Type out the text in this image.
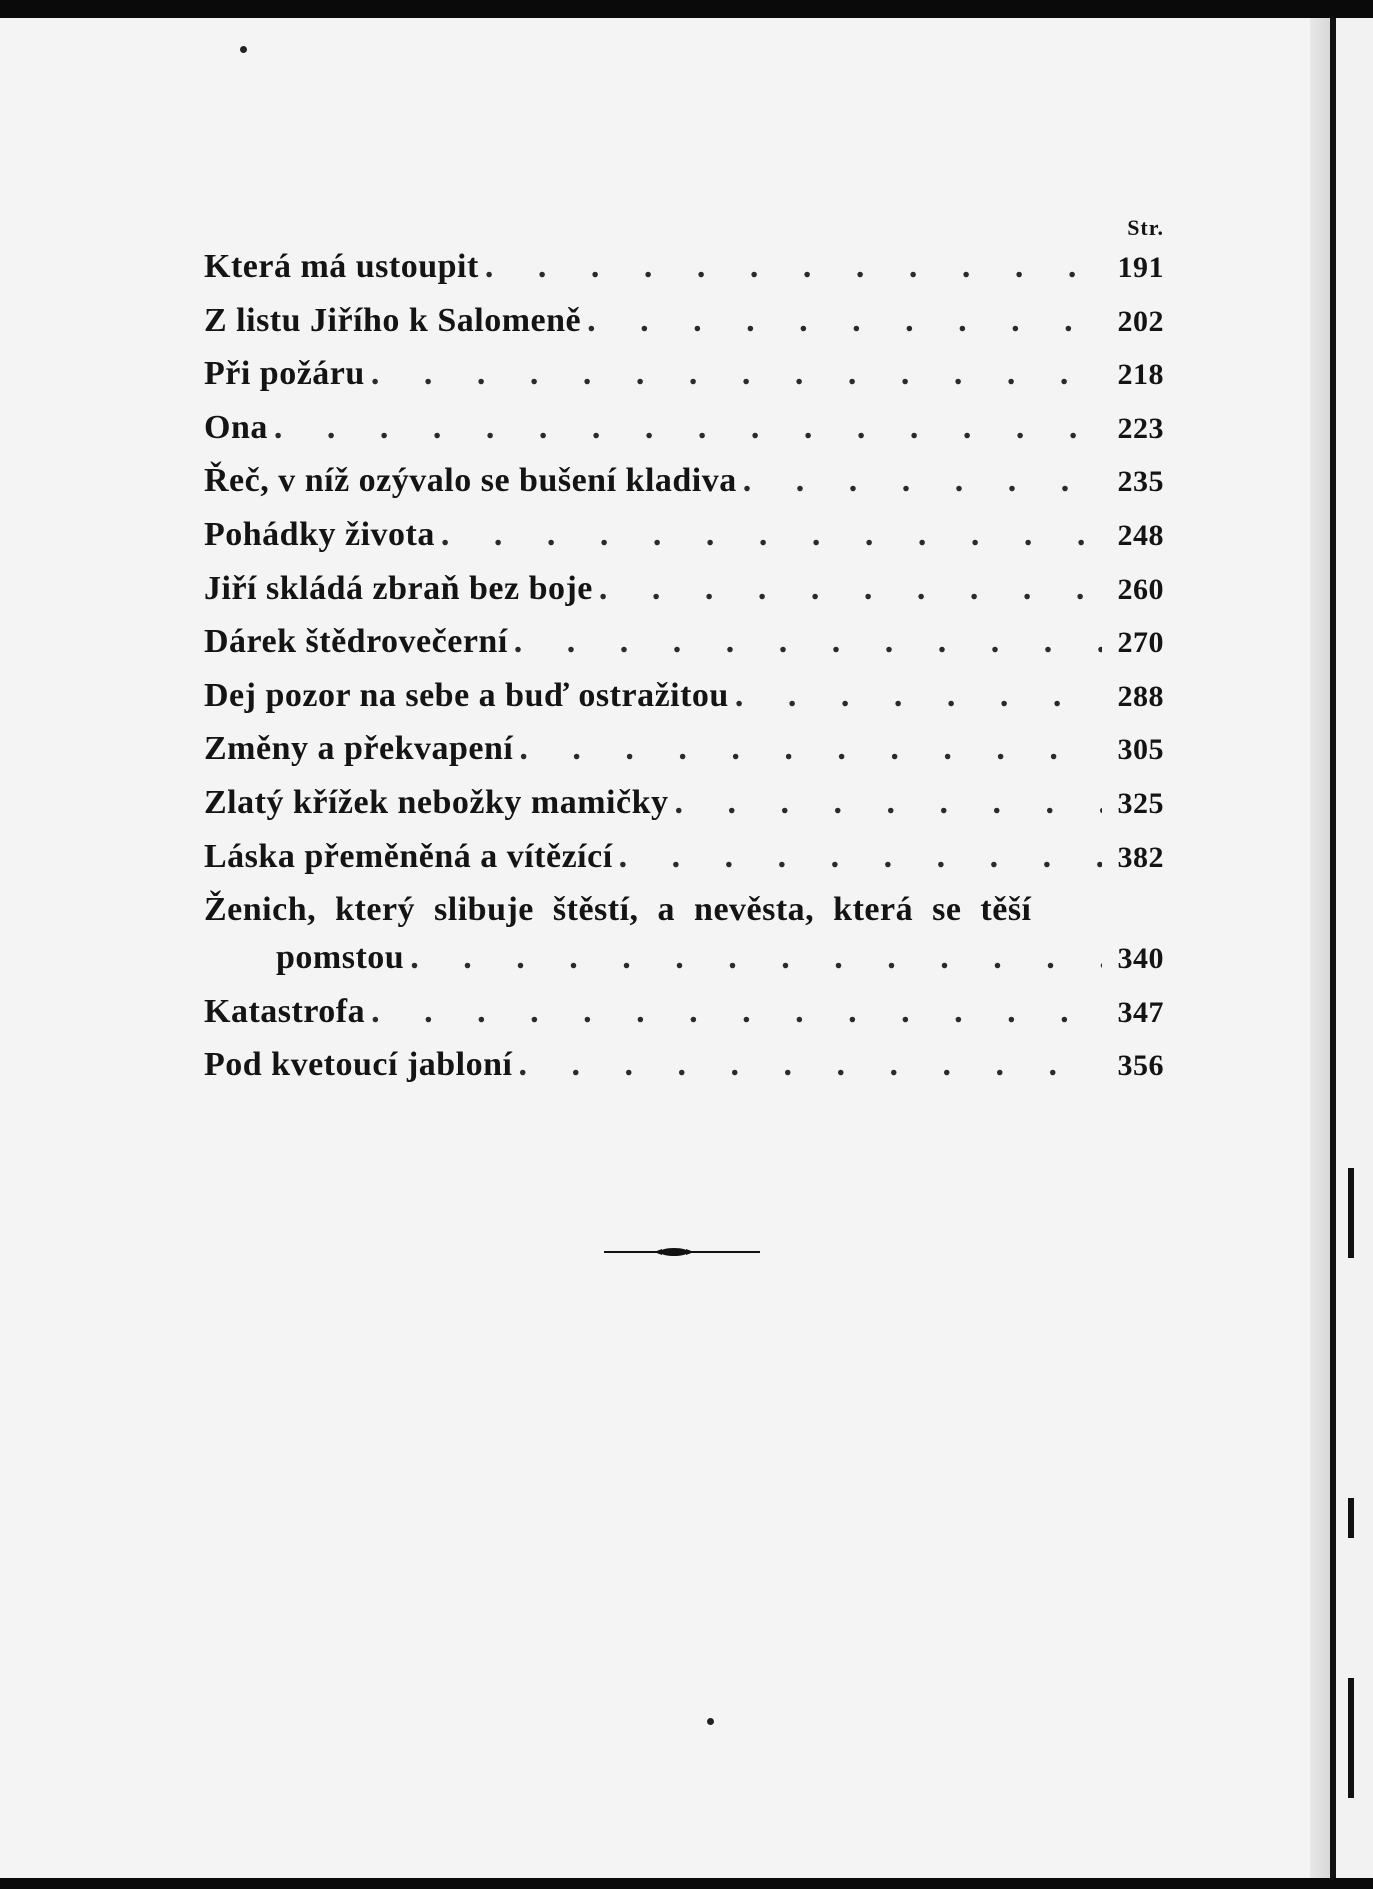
Str.
Která má ustoupit . . .	191
Z listu Jiřího k Salomeně . . .	202
Při požáru . . .	218
Ona . . .	223
Řeč, v níž ozývalo se bušení kladiva . . .	235
Pohádky života . . .	248
Jiří skládá zbraň bez boje . . .	260
Dárek štědrovečerní . . .	270
Dej pozor na sebe a buď ostražitou . . .	288
Změny a překvapení . . .	305
Zlatý křížek nebožky mamičky . . .	325
Láska přeměněná a vítězící . . .	382
Ženich, který slibuje štěstí, a nevěsta, která se těší
pomstou . . .	340
Katastrofa . . .	347
Pod kvetoucí jabloní . . .	356
